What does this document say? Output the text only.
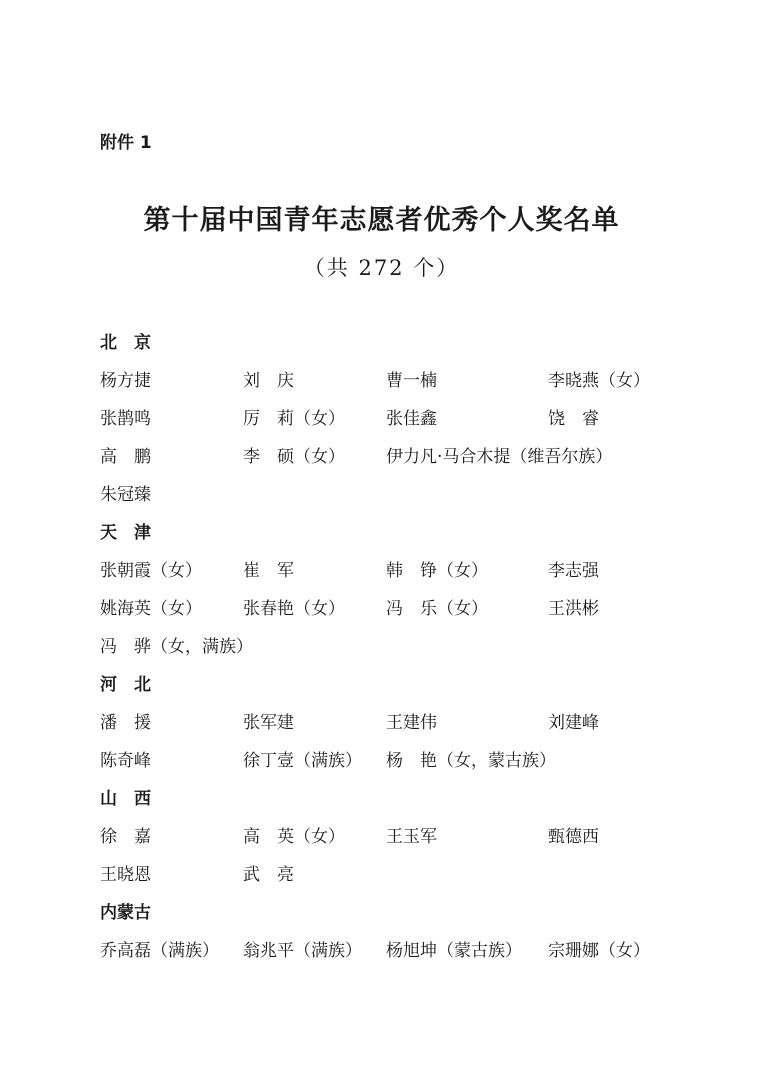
附件 1
第十届中国青年志愿者优秀个人奖名单
（共 272 个）
北　京
杨方捷	刘　庆	曹一楠	李晓燕（女）
张鹊鸣	厉　莉（女）	张佳鑫	饶　睿
高　鹏	李　硕（女）	伊力凡·马合木提（维吾尔族）
朱冠臻
天　津
张朝霞（女）	崔　军	韩　铮（女）	李志强
姚海英（女）	张春艳（女）	冯　乐（女）	王洪彬
冯　骅（女，满族）
河　北
潘　援	张军建	王建伟	刘建峰
陈奇峰	徐丁壹（满族）	杨　艳（女，蒙古族）
山　西
徐　嘉	高　英（女）	王玉军	甄德西
王晓恩	武　亮
内蒙古
乔高磊（满族）	翁兆平（满族）	杨旭坤（蒙古族）	宗珊娜（女）
